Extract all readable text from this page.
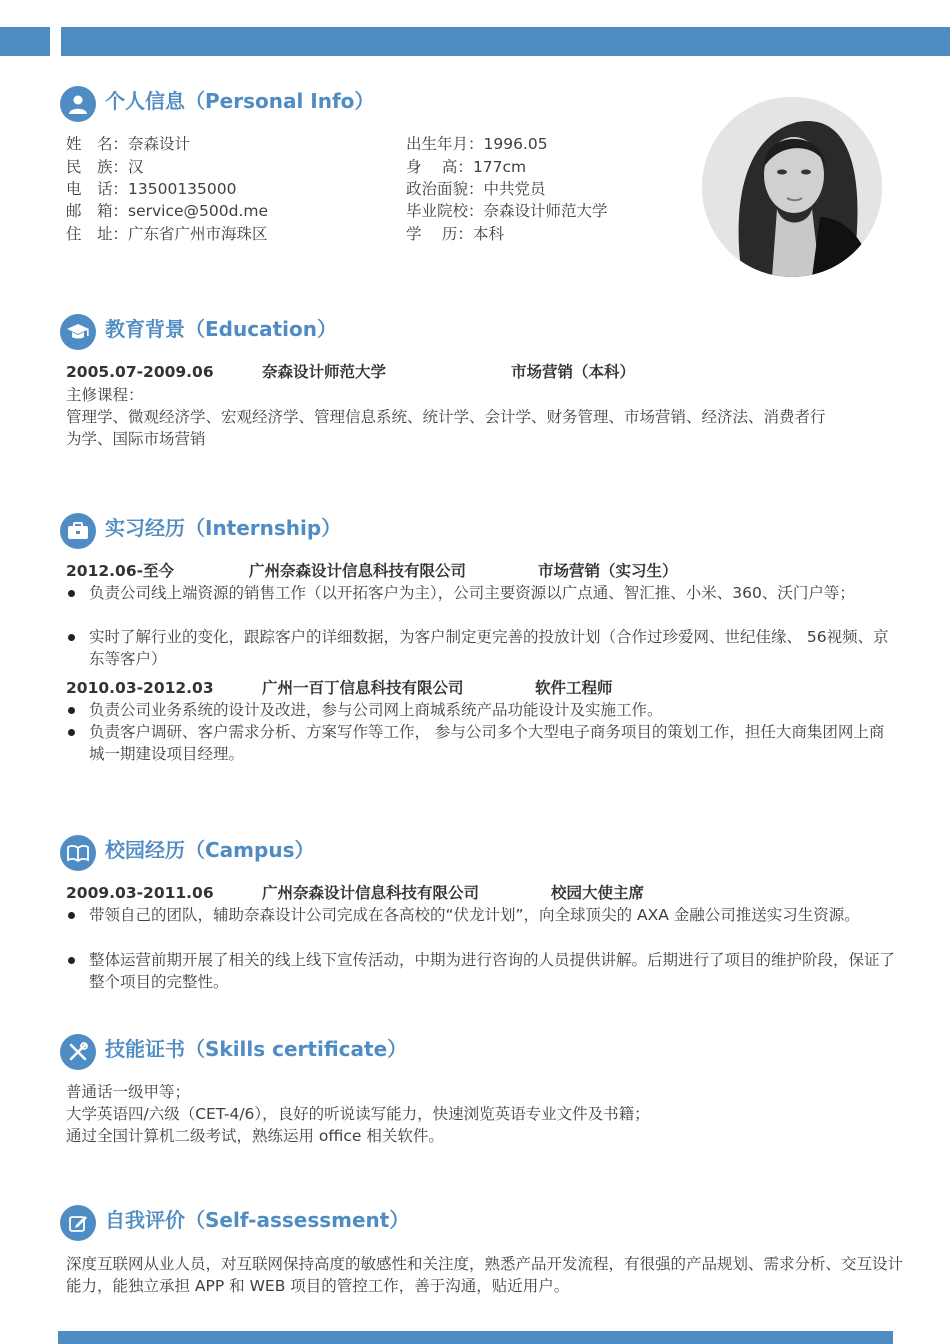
个人信息（Personal Info）
姓　名：奈森设计
民　族：汉
电　话：13500135000
邮　箱：service@500d.me
住　址：广东省广州市海珠区
出生年月：1996.05
身　 高：177cm
政治面貌：中共党员
毕业院校：奈森设计师范大学
学　 历：本科
教育背景（Education）
2005.07-2009.06	奈森设计师范大学	市场营销（本科）
主修课程：
管理学、微观经济学、宏观经济学、管理信息系统、统计学、会计学、财务管理、市场营销、经济法、消费者行
为学、国际市场营销
实习经历（Internship）
2012.06-至今	广州奈森设计信息科技有限公司	市场营销（实习生）
负责公司线上端资源的销售工作（以开拓客户为主），公司主要资源以广点通、智汇推、小米、360、沃门户等；
实时了解行业的变化，跟踪客户的详细数据，为客户制定更完善的投放计划（合作过珍爱网、世纪佳缘、 56视频、京东等客户）
2010.03-2012.03	广州一百丁信息科技有限公司	软件工程师
负责公司业务系统的设计及改进，参与公司网上商城系统产品功能设计及实施工作。
负责客户调研、客户需求分析、方案写作等工作， 参与公司多个大型电子商务项目的策划工作，担任大商集团网上商城一期建设项目经理。
校园经历（Campus）
2009.03-2011.06	广州奈森设计信息科技有限公司	校园大使主席
带领自己的团队，辅助奈森设计公司完成在各高校的“伏龙计划”，向全球顶尖的 AXA 金融公司推送实习生资源。
整体运营前期开展了相关的线上线下宣传活动，中期为进行咨询的人员提供讲解。后期进行了项目的维护阶段，保证了整个项目的完整性。
技能证书（Skills certificate）
普通话一级甲等；
大学英语四/六级（CET-4/6），良好的听说读写能力，快速浏览英语专业文件及书籍；
通过全国计算机二级考试，熟练运用 office 相关软件。
自我评价（Self-assessment）
深度互联网从业人员，对互联网保持高度的敏感性和关注度，熟悉产品开发流程，有很强的产品规划、需求分析、交互设计能力，能独立承担 APP 和 WEB 项目的管控工作，善于沟通，贴近用户。
